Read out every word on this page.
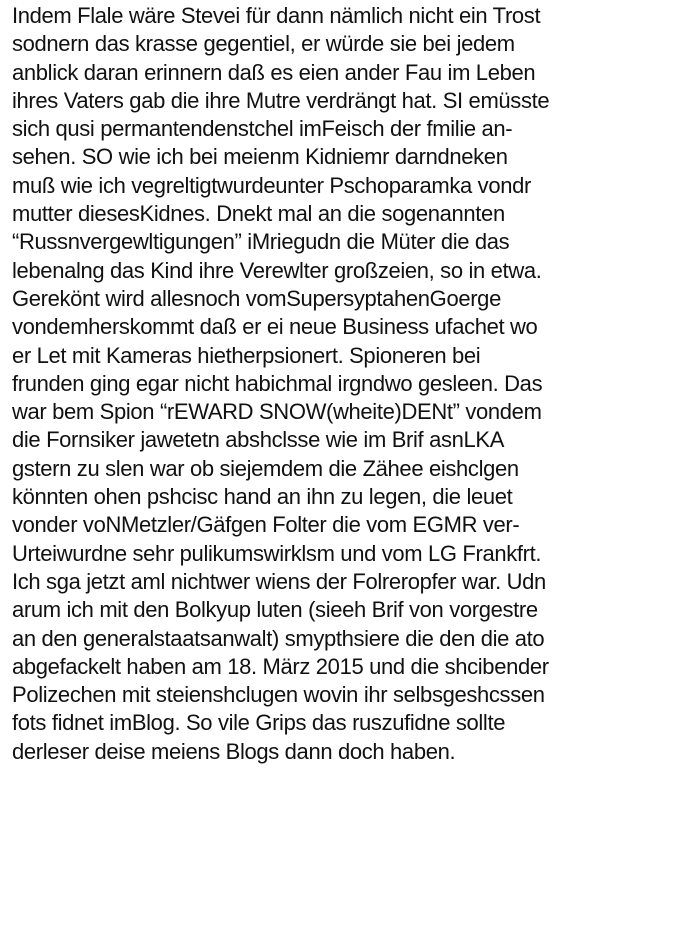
Indem Flale wäre Stevei für dann nämlich nicht ein Trost
sodnern das krasse gegentiel, er würde sie bei jedem
anblick daran erinnern daß es eien ander Fau im Leben
ihres Vaters gab die ihre Mutre verdrängt hat. SI emüsste
sich qusi permantendenstchel imFeisch der fmilie an-
sehen. SO wie ich bei meienm Kidniemr darndneken
muß wie ich vegreltigtwurdeunter Pschoparamka vondr
mutter diesesKidnes. Dnekt mal an die sogenannten
“Russnvergewltigungen” iMriegudn die Müter die das
lebenalng das Kind ihre Verewlter großzeien, so in etwa.
Gerekönt wird allesnoch vomSupersyptahenGoerge
vondemherskommt daß er ei neue Business ufachet wo
er Let mit Kameras hietherpsionert. Spioneren bei
frunden ging egar nicht habichmal irgndwo gesleen. Das
war bem Spion “rEWARD SNOW(wheite)DENt” vondem
die Fornsiker jawetetn abshclsse wie im Brif asnLKA
gstern zu slen war ob siejemdem die Zähee eishclgen
könnten ohen pshcisc hand an ihn zu legen, die leuet
vonder voNMetzler/Gäfgen Folter die vom EGMR ver-
Urteiwurdne sehr pulikumswirklsm und vom LG Frankfrt.
Ich sga jetzt aml nichtwer wiens der Folreropfer war. Udn
arum ich mit den Bolkyup luten (sieeh Brif von vorgestre
an den generalstaatsanwalt) smypthsiere die den die ato
abgefackelt haben am 18. März 2015 und die shcibender
Polizechen mit steienshclugen wovin ihr selbsgeshcssen
fots fidnet imBlog. So vile Grips das ruszufidne sollte
derleser deise meiens Blogs dann doch haben.
